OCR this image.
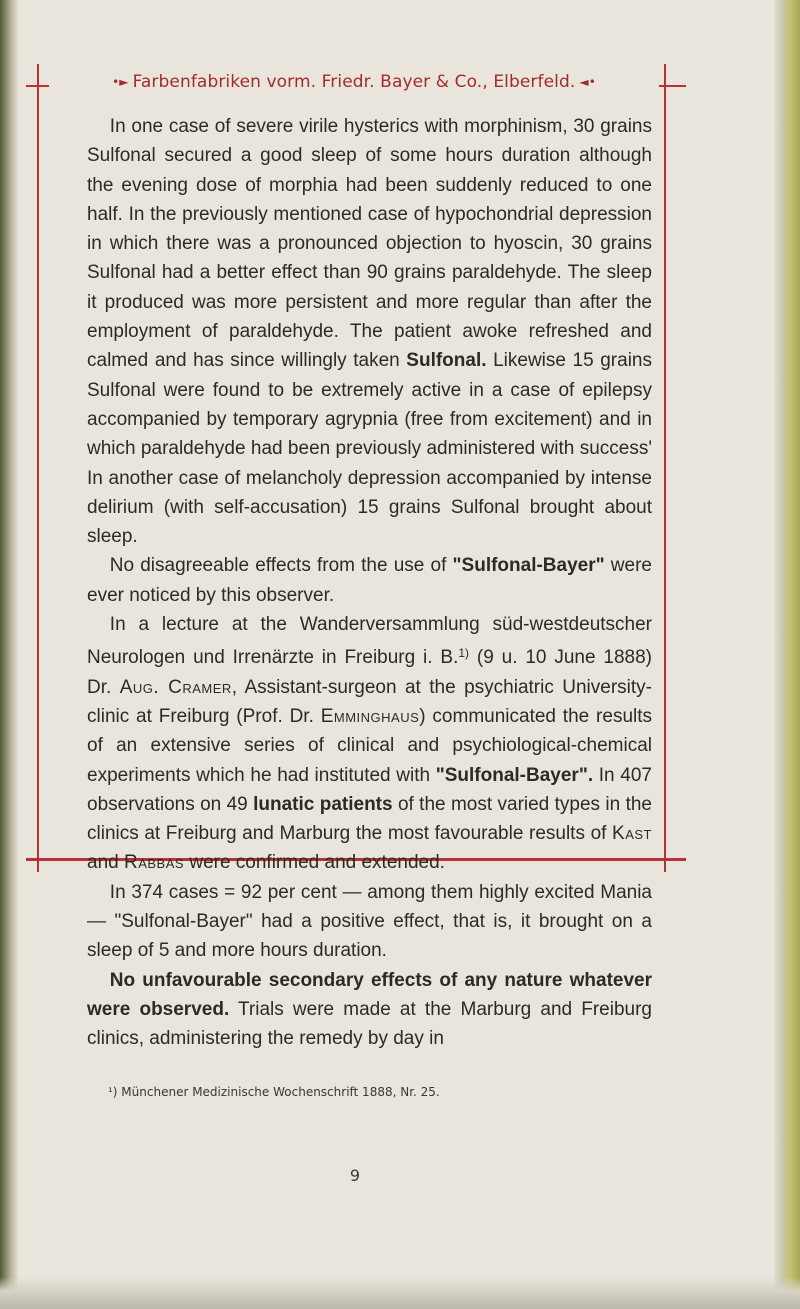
•► Farbenfabriken vorm. Friedr. Bayer & Co., Elberfeld. ◄•

In one case of severe virile hysterics with morphinism, 30 grains Sulfonal secured a good sleep of some hours duration although the evening dose of morphia had been suddenly reduced to one half. In the previously mentioned case of hypochondrial depression in which there was a pronounced objection to hyoscin, 30 grains Sulfonal had a better effect than 90 grains paraldehyde. The sleep it produced was more persistent and more regular than after the employment of paraldehyde. The patient awoke refreshed and calmed and has since willingly taken Sulfonal. Likewise 15 grains Sulfonal were found to be extremely active in a case of epilepsy accompanied by temporary agrypnia (free from excitement) and in which paraldehyde had been previously administered with success' In another case of melancholy depression accompanied by intense delirium (with self-accusation) 15 grains Sulfonal brought about sleep.

No disagreeable effects from the use of "Sulfonal-Bayer" were ever noticed by this observer.

In a lecture at the Wanderversammlung süd-westdeutscher Neurologen und Irrenärzte in Freiburg i. B.$^{1)}$ (9 u. 10 June 1888) Dr. Aug. Cramer, Assistant-surgeon at the psychiatric University-clinic at Freiburg (Prof. Dr. Emminghaus) communicated the results of an extensive series of clinical and psychiological-chemical experiments which he had instituted with "Sulfonal-Bayer". In 407 observations on 49 lunatic patients of the most varied types in the clinics at Freiburg and Marburg the most favourable results of Kast and Rabbas were confirmed and extended.

In 374 cases = 92 per cent — among them highly excited Mania — "Sulfonal-Bayer" had a positive effect, that is, it brought on a sleep of 5 and more hours duration.

No unfavourable secondary effects of any nature whatever were observed. Trials were made at the Marburg and Freiburg clinics, administering the remedy by day in

¹) Münchener Medizinische Wochenschrift 1888, Nr. 25.
9
